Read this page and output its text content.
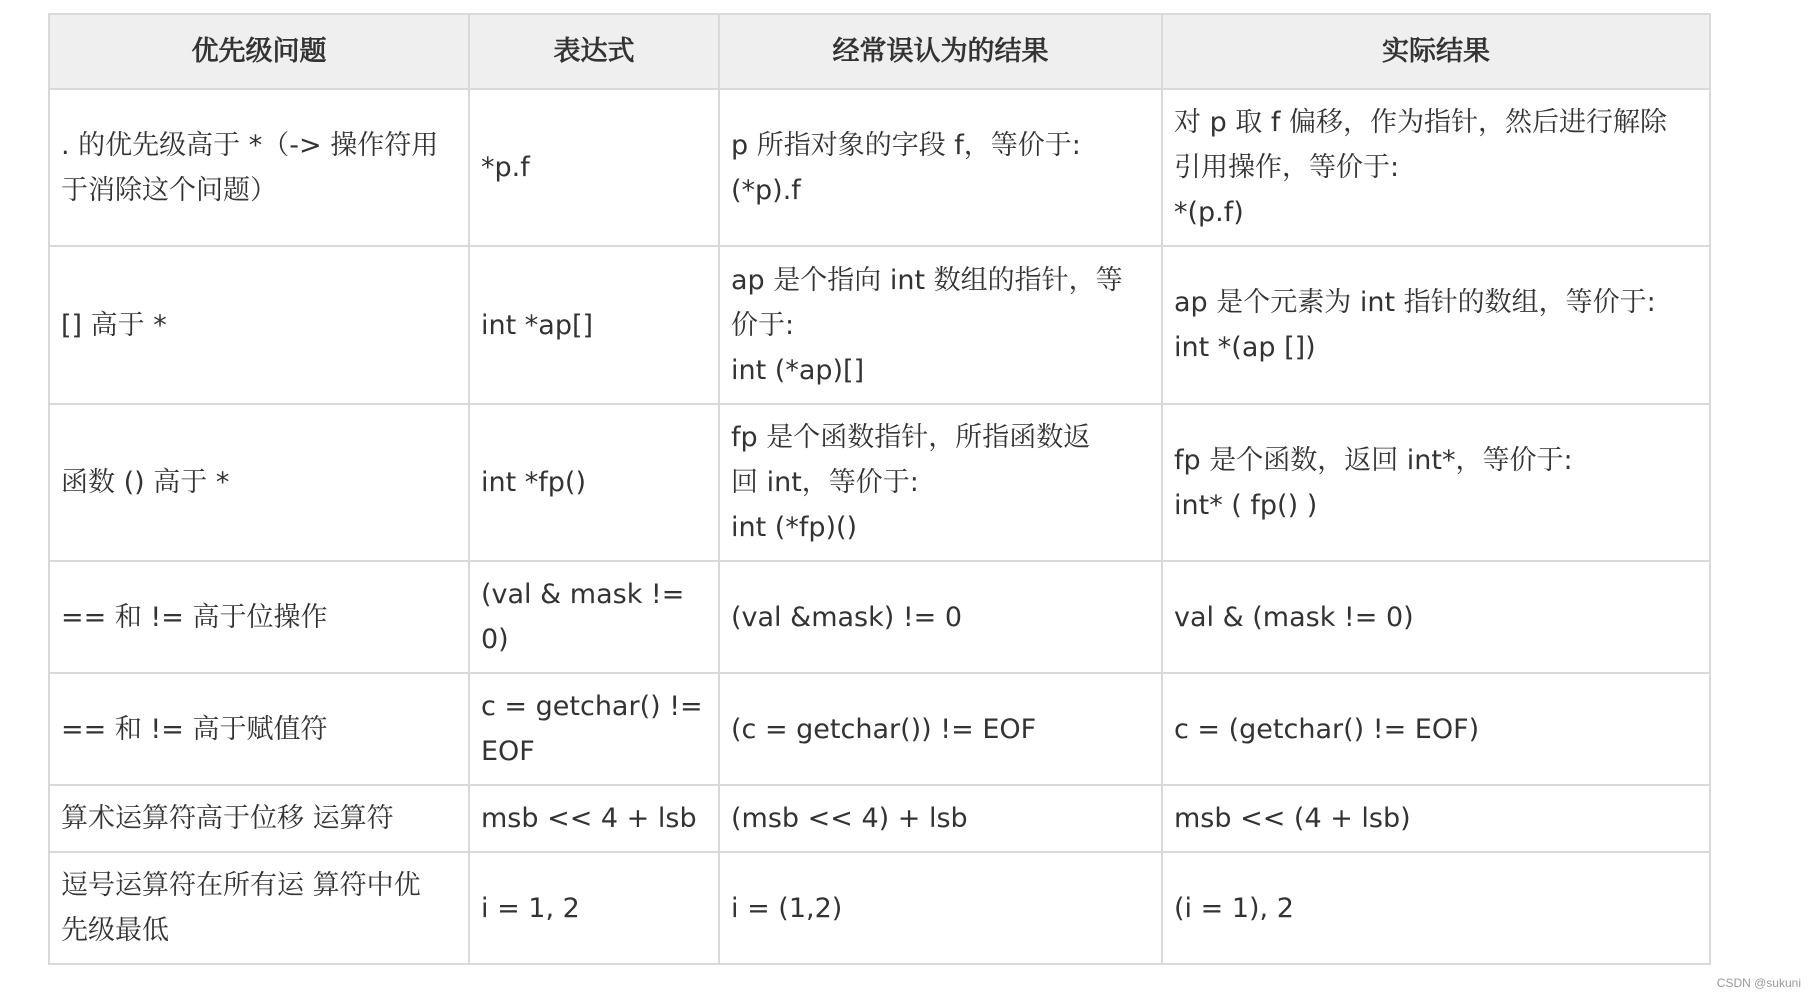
优先级问题	表达式	经常误认为的结果	实际结果

. 的优先级高于 *（-> 操作符用
于消除这个问题）	*p.f	p 所指对象的字段 f，等价于:
(*p).f	对 p 取 f 偏移，作为指针，然后进行解除
引用操作，等价于:
*(p.f)

[] 高于 *	int *ap[]	ap 是个指向 int 数组的指针，等
价于:
int (*ap)[]	ap 是个元素为 int 指针的数组，等价于:
int *(ap [])

函数 () 高于 *	int *fp()	fp 是个函数指针，所指函数返
回 int，等价于:
int (*fp)()	fp 是个函数，返回 int*，等价于:
int* ( fp() )

== 和 != 高于位操作	(val & mask !=
0)	(val &mask) != 0	val & (mask != 0)

== 和 != 高于赋值符	c = getchar() !=
EOF	(c = getchar()) != EOF	c = (getchar() != EOF)

算术运算符高于位移 运算符	msb << 4 + lsb	(msb << 4) + lsb	msb << (4 + lsb)

逗号运算符在所有运 算符中优
先级最低	i = 1, 2	i = (1,2)	(i = 1), 2
CSDN @sukuni
